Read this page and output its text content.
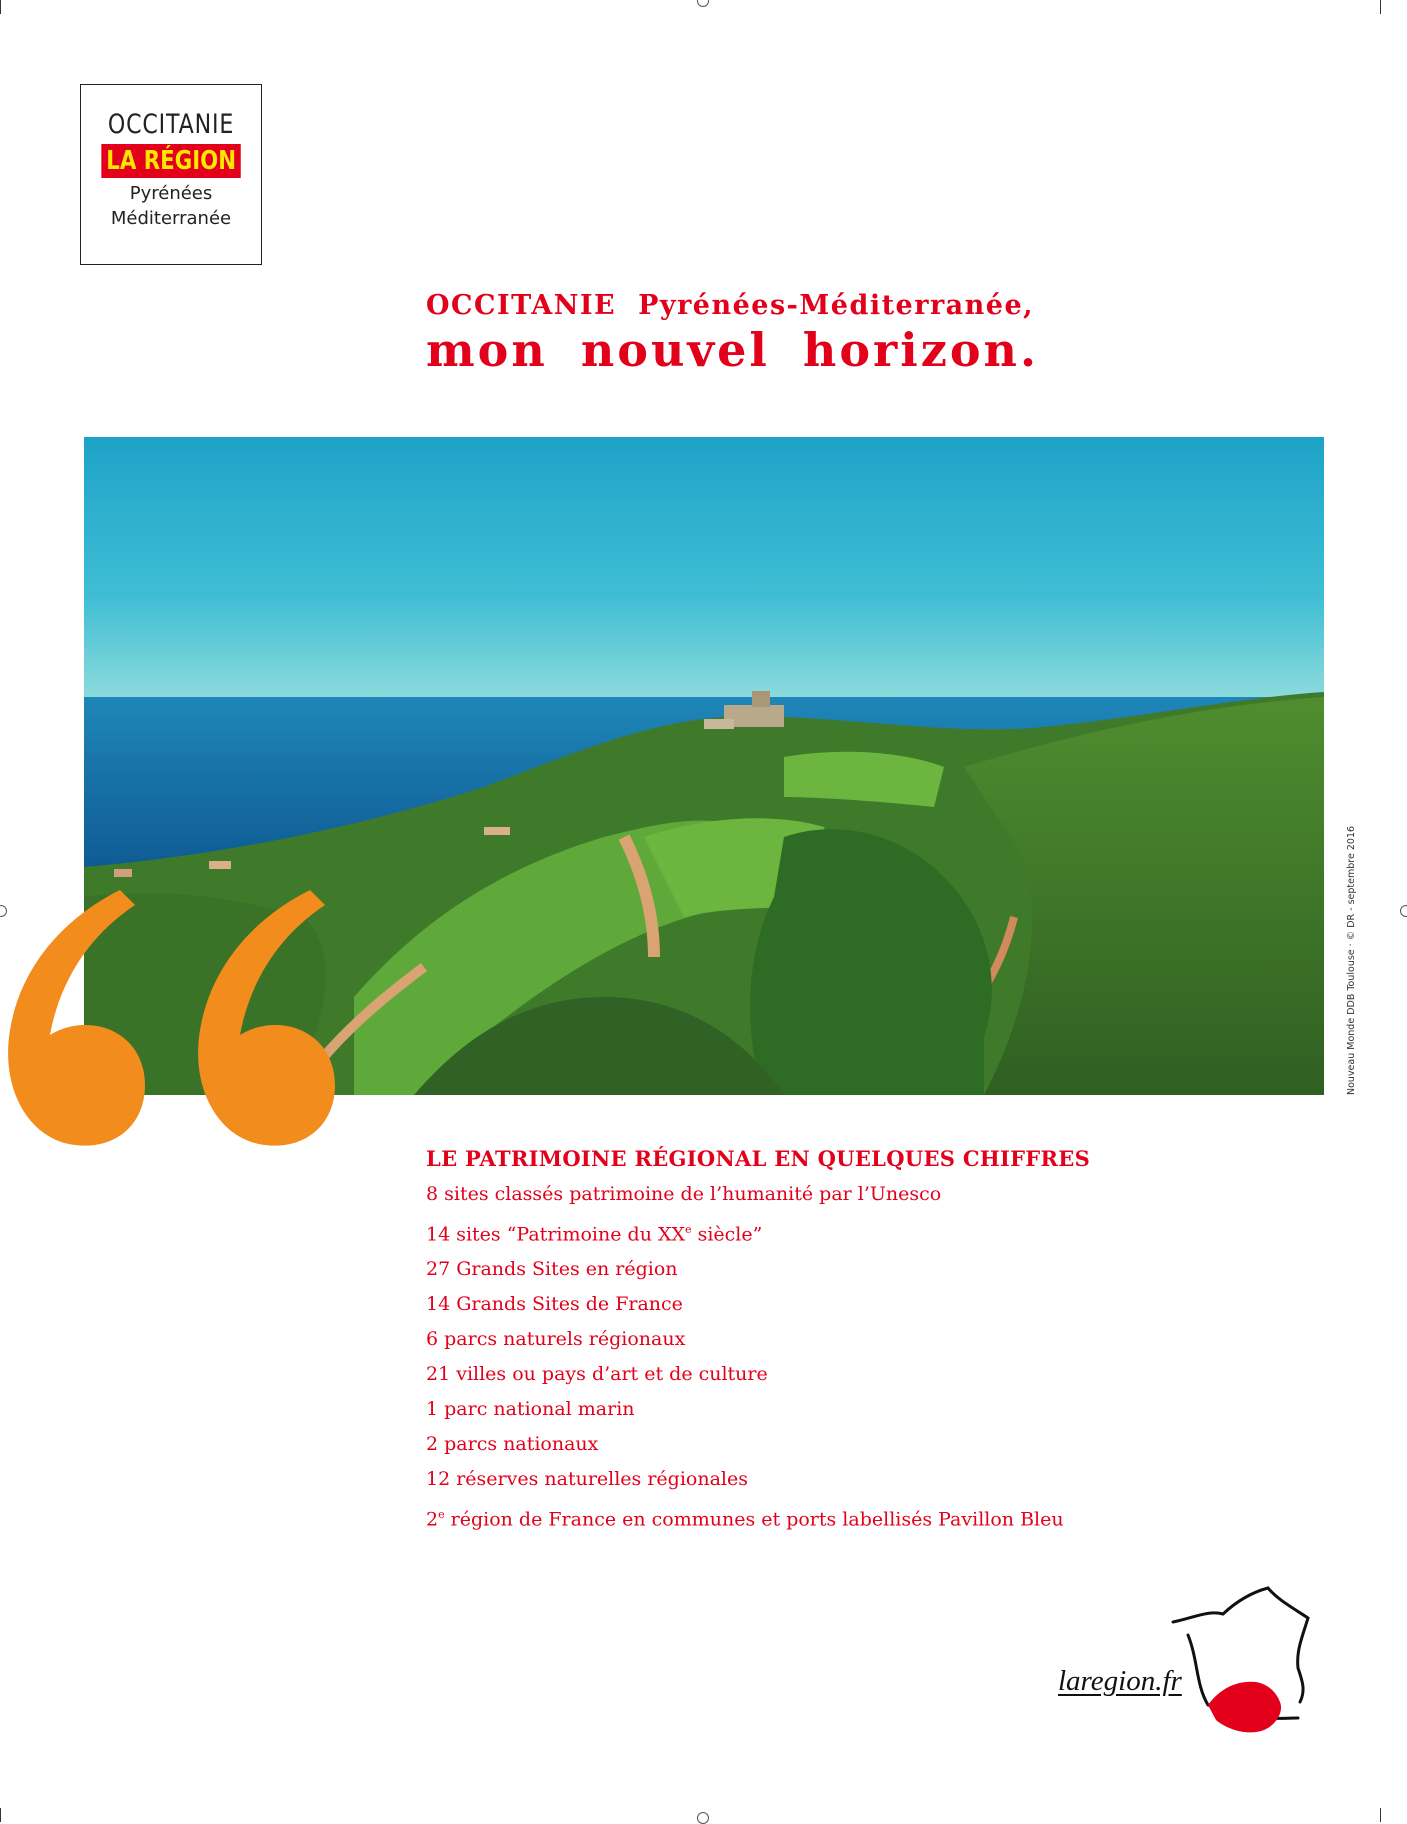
OCCITANIE
LA RÉGION
Pyrénées
Méditerranée
OCCITANIE Pyrénées-Méditerranée,
mon nouvel horizon.
Nouveau Monde DDB Toulouse · © DR - septembre 2016
LE PATRIMOINE RÉGIONAL EN QUELQUES CHIFFRES
8 sites classés patrimoine de l’humanité par l’Unesco
14 sites “Patrimoine du XXe siècle”
27 Grands Sites en région
14 Grands Sites de France
6 parcs naturels régionaux
21 villes ou pays d’art et de culture
1 parc national marin
2 parcs nationaux
12 réserves naturelles régionales
2e région de France en communes et ports labellisés Pavillon Bleu
laregion.fr
